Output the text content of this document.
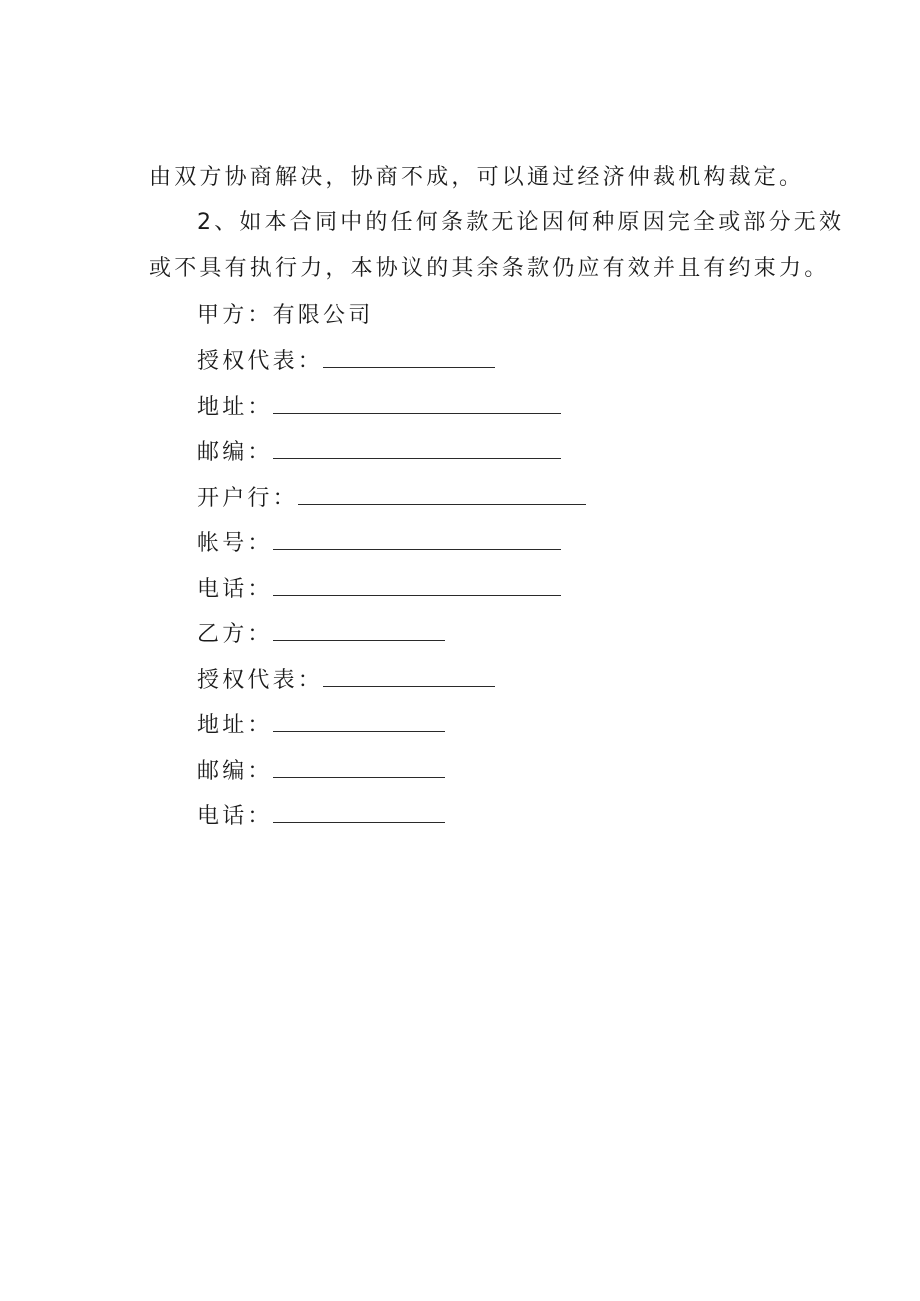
由双方协商解决，协商不成，可以通过经济仲裁机构裁定。
2、如本合同中的任何条款无论因何种原因完全或部分无效
或不具有执行力，本协议的其余条款仍应有效并且有约束力。
甲方：有限公司
授权代表：
地址：
邮编：
开户行：
帐号：
电话：
乙方：
授权代表：
地址：
邮编：
电话：
